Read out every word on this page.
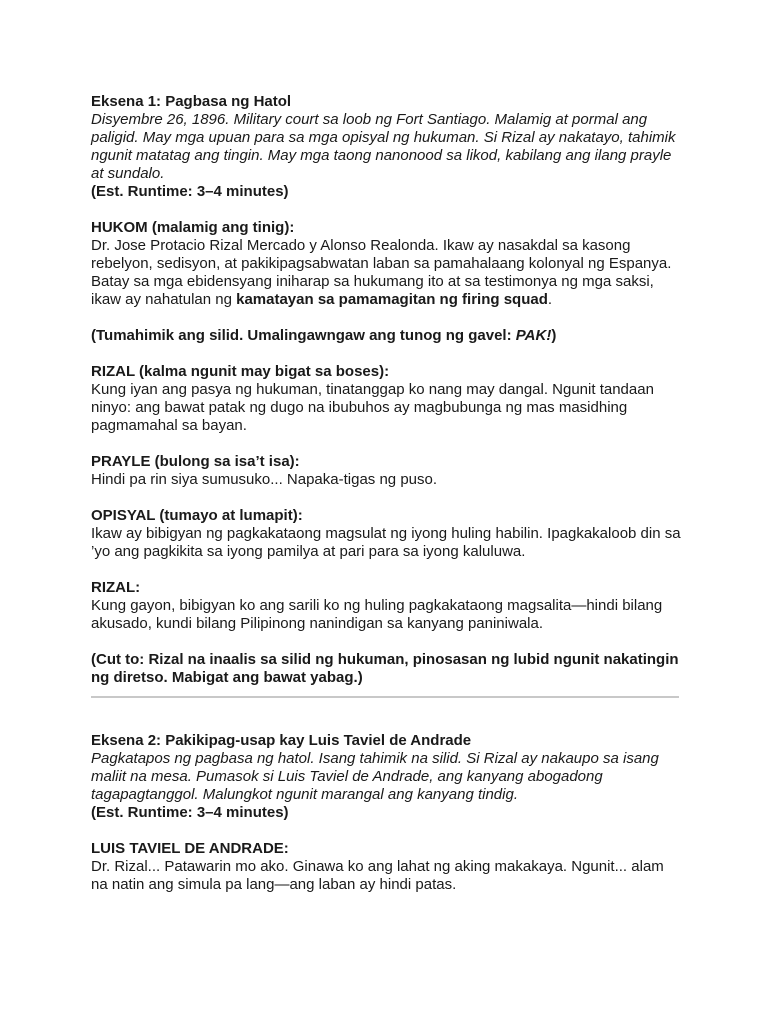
Eksena 1: Pagbasa ng Hatol

Disyembre 26, 1896. Military court sa loob ng Fort Santiago. Malamig at pormal ang paligid. May mga upuan para sa mga opisyal ng hukuman. Si Rizal ay nakatayo, tahimik ngunit matatag ang tingin. May mga taong nanonood sa likod, kabilang ang ilang prayle at sundalo.

(Est. Runtime: 3–4 minutes)

HUKOM (malamig ang tinig):

Dr. Jose Protacio Rizal Mercado y Alonso Realonda. Ikaw ay nasakdal sa kasong rebelyon, sedisyon, at pakikipagsabwatan laban sa pamahalaang kolonyal ng Espanya. Batay sa mga ebidensyang iniharap sa hukumang ito at sa testimonya ng mga saksi, ikaw ay nahatulan ng kamatayan sa pamamagitan ng firing squad.

(Tumahimik ang silid. Umalingawngaw ang tunog ng gavel: PAK!)

RIZAL (kalma ngunit may bigat sa boses):

Kung iyan ang pasya ng hukuman, tinatanggap ko nang may dangal. Ngunit tandaan ninyo: ang bawat patak ng dugo na ibubuhos ay magbubunga ng mas masidhing pagmamahal sa bayan.

PRAYLE (bulong sa isa’t isa):

Hindi pa rin siya sumusuko... Napaka-tigas ng puso.

OPISYAL (tumayo at lumapit):

Ikaw ay bibigyan ng pagkakataong magsulat ng iyong huling habilin. Ipagkakaloob din sa ’yo ang pagkikita sa iyong pamilya at pari para sa iyong kaluluwa.

RIZAL:

Kung gayon, bibigyan ko ang sarili ko ng huling pagkakataong magsalita—hindi bilang akusado, kundi bilang Pilipinong nanindigan sa kanyang paniniwala.

(Cut to: Rizal na inaalis sa silid ng hukuman, pinosasan ng lubid ngunit nakatingin ng diretso. Mabigat ang bawat yabag.)

Eksena 2: Pakikipag-usap kay Luis Taviel de Andrade

Pagkatapos ng pagbasa ng hatol. Isang tahimik na silid. Si Rizal ay nakaupo sa isang maliit na mesa. Pumasok si Luis Taviel de Andrade, ang kanyang abogadong tagapagtanggol. Malungkot ngunit marangal ang kanyang tindig.

(Est. Runtime: 3–4 minutes)

LUIS TAVIEL DE ANDRADE:

Dr. Rizal... Patawarin mo ako. Ginawa ko ang lahat ng aking makakaya. Ngunit... alam na natin ang simula pa lang—ang laban ay hindi patas.
